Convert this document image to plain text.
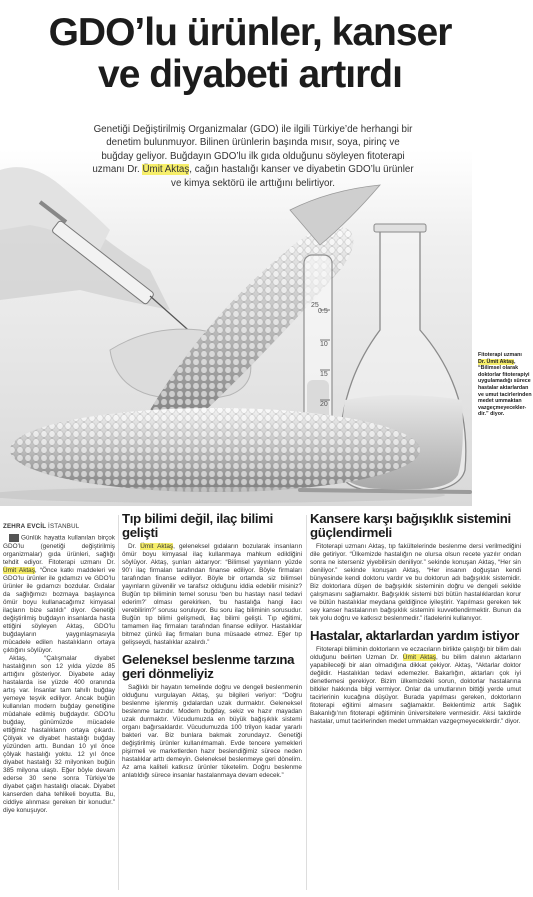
GDO’lu ürünler, kanser
ve diyabeti artırdı
25
0.5
10
15
20

Genetiği Değiştirilmiş Organizmalar (GDO) ile ilgili Türkiye’de herhangi bir denetim bulunmuyor. Bilinen ürünlerin başında mısır, soya, pirinç ve buğday geliyor. Buğdayın GDO’lu ilk gıda olduğunu söyleyen fitoterapi uzmanı Dr. Ümit Aktaş, cağın hastalığı kanser ve diyabetin GDO’lu ürünler ve kimya sektörü ile arttığını belirtiyor.

Fitoterapi uzmanı

Dr. Ümit Aktaş, “Bilimsel olarak doktorlar fitoterapiyi uygulamadığı sürece hastalar aktarlardan ve umut tacirlerinden medet ummaktan vazgeçmeyecekler- dir.” diyor.

ZEHRA EVCİL İSTANBUL

Günlük hayatta kullanılan birçok GDO’lu (genetiği değiştirilmiş organizmalar) gıda ürünleri, sağlığı tehdit ediyor. Fitoterapi uzmanı Dr. Ümit Aktaş, “Önce katkı maddeleri ve GDO’lu ürünler ile gıdamızı ve GDO’lu ürünler ile gıdamızı bozdular. Gıdalar da sağlığımızı bozmaya başlayınca ömür boyu kullanacağımız kimyasal ilaçların bize satıldı” diyor. Genetiği değiştirilmiş buğdayın insanlarda hasta ettiğini söyleyen Aktaş, GDO’lu buğdayların yaygınlaşmasıyla mücadele edilen hastalıkların ortaya çıktığını söylüyor.

Aktaş, “Çalışmalar diyabet hastalığının son 12 yılda yüzde 85 arttığını gösteriyor. Diyabete aday hastalarda ise yüzde 400 oranında artış var. İnsanlar tam tahıllı buğday yemeye teşvik ediliyor. Ancak buğün kullanılan modern buğday genetiğine müdahale edilmiş buğdaydır. GDO’lu buğday, günümüzde mücadele ettiğimiz hastalıkların ortaya çıkardı. Çölyak ve diyabet hastalığı buğday yüzünden arttı. Bundan 10 yıl önce çölyak hastalığı yoktu. 12 yıl önce diyabet hastalığı 32 milyonken buğün 385 milyona ulaştı. Eğer böyle devam ederse 30 sene sonra Türkiye’de diyabet çağın hastalığı olacak. Diyabet kanserden daha tehlikeli boyutta. Bu, ciddiye alınması gereken bir konudur.” diye konuşuyor.

Tıp bilimi değil, ilaç bilimi gelişti

Dr. Ümit Aktaş, geleneksel gıdaların bozularak insanların ömür boyu kimyasal ilaç kullanmaya mahkum edildiğini söylüyor. Aktaş, şunları aktarıyor: “Bilimsel yayınların yüzde 90’ı ilaç firmaları tarafından finanse ediliyor. Böyle firmaları tarafından finanse ediliyor. Böyle bir ortamda siz bilimsel yayınların güvenilir ve tarafsız olduğunu iddia edebilir misiniz? Buğün tıp biliminin temel sorusu ‘ben bu hastayı nasıl tedavi ederim?’ olması gerekirken, ‘bu hastalığa hangi ilacı verebilirim?’ sorusu soruluyor. Bu soru ilaç biliminin sorusudur. Buğün tıp bilimi gelişmedi, ilaç bilimi gelişti. Tıp eğitimi, tamamen ilaç firmaları tarafından finanse ediliyor. Hastalıklar bitmez çünkü ilaç firmaları buna müsaade etmez. Eğer tıp gelişseydi, hastalıklar azalırdı.”

Geleneksel beslenme tarzına geri dönmeliyiz

Sağlıklı bir hayatın temelinde doğru ve dengeli beslenmenin olduğunu vurgulayan Aktaş, şu bilgileri veriyor: “Doğru beslenme işlenmiş gıdalardan uzak durmaktır. Geleneksel beslenme tarzıdır. Modern buğday, sekiz ve hazır mayadan uzak durmaktır. Vücudumuzda en büyük bağışıklık sistemi organı bağırsaklardır. Vücudumuzda 100 trilyon kadar yararlı bakteri var. Biz bunlara bakmak zorundayız. Genetiği değiştirilmiş ürünler kullanılmamalı. Evde tencere yemekleri pişirmeli ve marketlerden hazır beslendiğimiz sürece neden hastalıklar arttı demeyin. Geleneksel beslenmeye geri dönelim. Az ama kaliteli katkısız ürünler tüketelim. Doğru beslenme anlatıldığı sürece insanlar hastalanmaya devam edecek.”

Kansere karşı bağışıklık sistemini güçlendirmeli

Fitoterapi uzmanı Aktaş, tıp fakültelerinde beslenme dersi verilmediğini dile getiriyor. “Ülkemizde hastalığın ne olursa olsun recete yazılır ondan sonra ne isterseniz yiyebilirsin deniliyor.” sekinde konuşan Aktaş, “Her sin deniliyor.” sekinde konuşan Aktaş, “Her insanın doğuştan kendi bünyesinde kendi doktoru vardır ve bu doktorun adı bağışıklık sistemidir. Biz doktorlara düşen de bağışıklık sisteminin doğru ve dengeli sekilde çalışmasını sağlamaktır. Bağışıklık sistemi bizi bütün hastalıklardan korur ve bütün hastalıklar meydana geldiğince iyileştirir. Yapılması gereken tek sey kanser hastalarının bağışıklık sistemini kuvvetlendirmektir. Bunun da tek yolu doğru ve katkısız beslenmedir.” ifadelerini kullanıyor.

Hastalar, aktarlardan yardım istiyor

Fitoterapi biliminin doktorların ve eczacıların birlikte çalıştığı bir bilim dalı olduğunu belirten Uzman Dr. Ümit Aktaş, bu bilim dalının aktarların yapabileceği bir alan olmadığına dikkat çekiyor. Aktaş, “Aktarlar doktor değildir. Hastalıkları tedavi edemezler. Bakarlığın, aktarları çok iyi denetlemesi gerekiyor. Bizim ülkemizdeki sorun, doktorlar hastalarına bitkiler hakkında bilgi vermiyor. Onlar da umutlarının bittiği yerde umut tacirlerinin kucağına düşüyor. Burada yapılması gereken, doktorların fitoterapi eğitimi almasını sağlamaktır. Beklentimiz artık Sağlık Bakanlığı’nın fitoterapi eğitiminin üniversitelere vermesidir. Aksi takdirde hastalar, umut tacirlerinden medet ummaktan vazgeçmeyeceklerdir.” diyor.
